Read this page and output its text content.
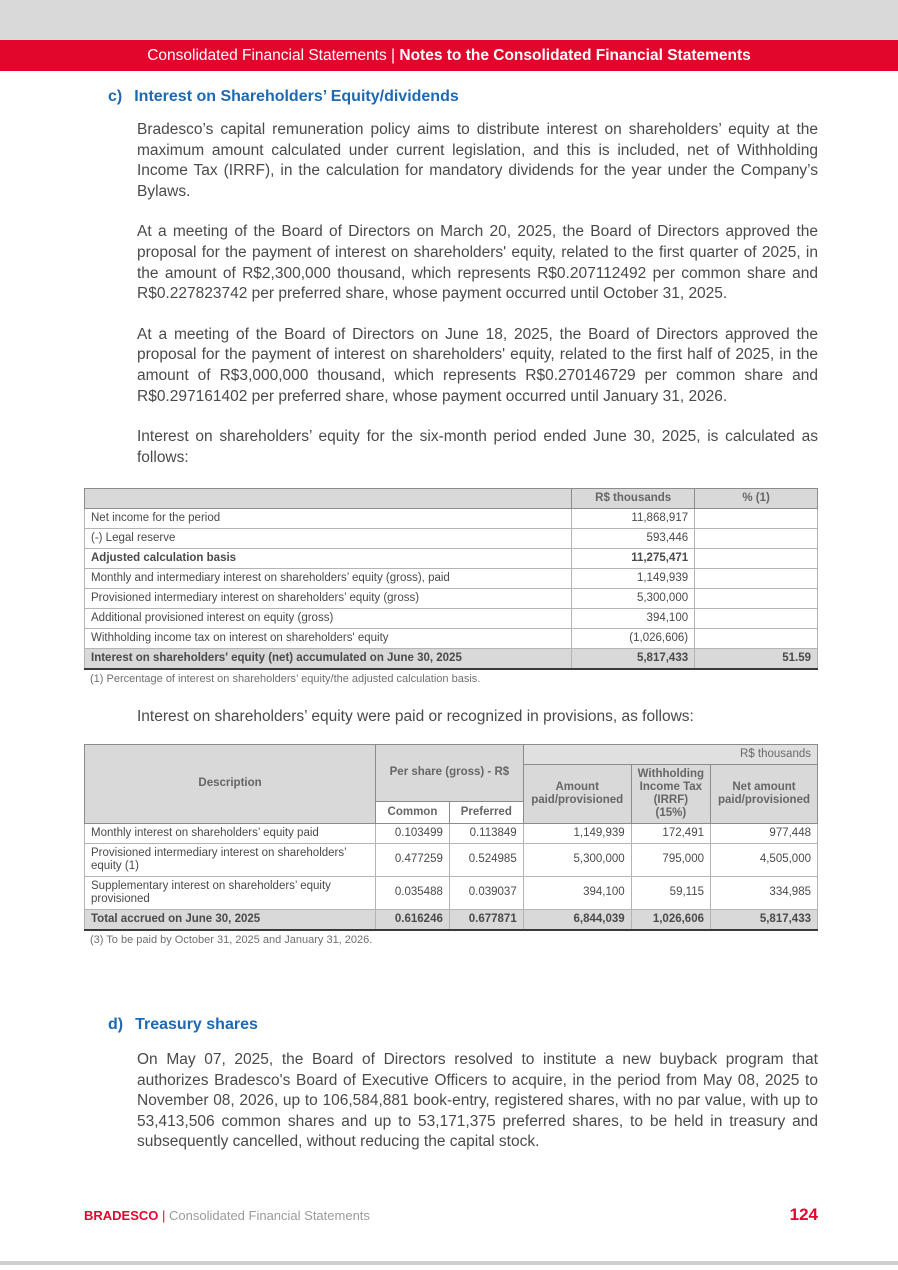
Consolidated Financial Statements | Notes to the Consolidated Financial Statements
c) Interest on Shareholders’ Equity/dividends

Bradesco’s capital remuneration policy aims to distribute interest on shareholders’ equity at the maximum amount calculated under current legislation, and this is included, net of Withholding Income Tax (IRRF), in the calculation for mandatory dividends for the year under the Company’s Bylaws.

At a meeting of the Board of Directors on March 20, 2025, the Board of Directors approved the proposal for the payment of interest on shareholders' equity, related to the first quarter of 2025, in the amount of R$2,300,000 thousand, which represents R$0.207112492 per common share and R$0.227823742 per preferred share, whose payment occurred until October 31, 2025.

At a meeting of the Board of Directors on June 18, 2025, the Board of Directors approved the proposal for the payment of interest on shareholders' equity, related to the first half of 2025, in the amount of R$3,000,000 thousand, which represents R$0.270146729 per common share and R$0.297161402 per preferred share, whose payment occurred until January 31, 2026.

Interest on shareholders’ equity for the six-month period ended June 30, 2025, is calculated as follows:

	R$ thousands	% (1)
Net income for the period	11,868,917	
(-) Legal reserve	593,446	
Adjusted calculation basis	11,275,471	
Monthly and intermediary interest on shareholders’ equity (gross), paid	1,149,939	
Provisioned intermediary interest on shareholders’ equity (gross)	5,300,000	
Additional provisioned interest on equity (gross)	394,100	
Withholding income tax on interest on shareholders' equity	(1,026,606)	
Interest on shareholders' equity (net) accumulated on June 30, 2025	5,817,433	51.59
(1) Percentage of interest on shareholders’ equity/the adjusted calculation basis.

Interest on shareholders’ equity were paid or recognized in provisions, as follows:

Description	Per share (gross) - R$		R$ thousands		
			Amount paid/provisioned	Withholding Income Tax (IRRF) (15%)	Net amount paid/provisioned
	Common	Preferred			
Monthly interest on shareholders’ equity paid	0.103499	0.113849	1,149,939	172,491	977,448
Provisioned intermediary interest on shareholders’ equity (1)	0.477259	0.524985	5,300,000	795,000	4,505,000
Supplementary interest on shareholders’ equity provisioned	0.035488	0.039037	394,100	59,115	334,985
Total accrued on June 30, 2025	0.616246	0.677871	6,844,039	1,026,606	5,817,433
(3) To be paid by October 31, 2025 and January 31, 2026.
d) Treasury shares

On May 07, 2025, the Board of Directors resolved to institute a new buyback program that authorizes Bradesco's Board of Executive Officers to acquire, in the period from May 08, 2025 to November 08, 2026, up to 106,584,881 book-entry, registered shares, with no par value, with up to 53,413,506 common shares and up to 53,171,375 preferred shares, to be held in treasury and subsequently cancelled, without reducing the capital stock.

BRADESCO | Consolidated Financial Statements	124
